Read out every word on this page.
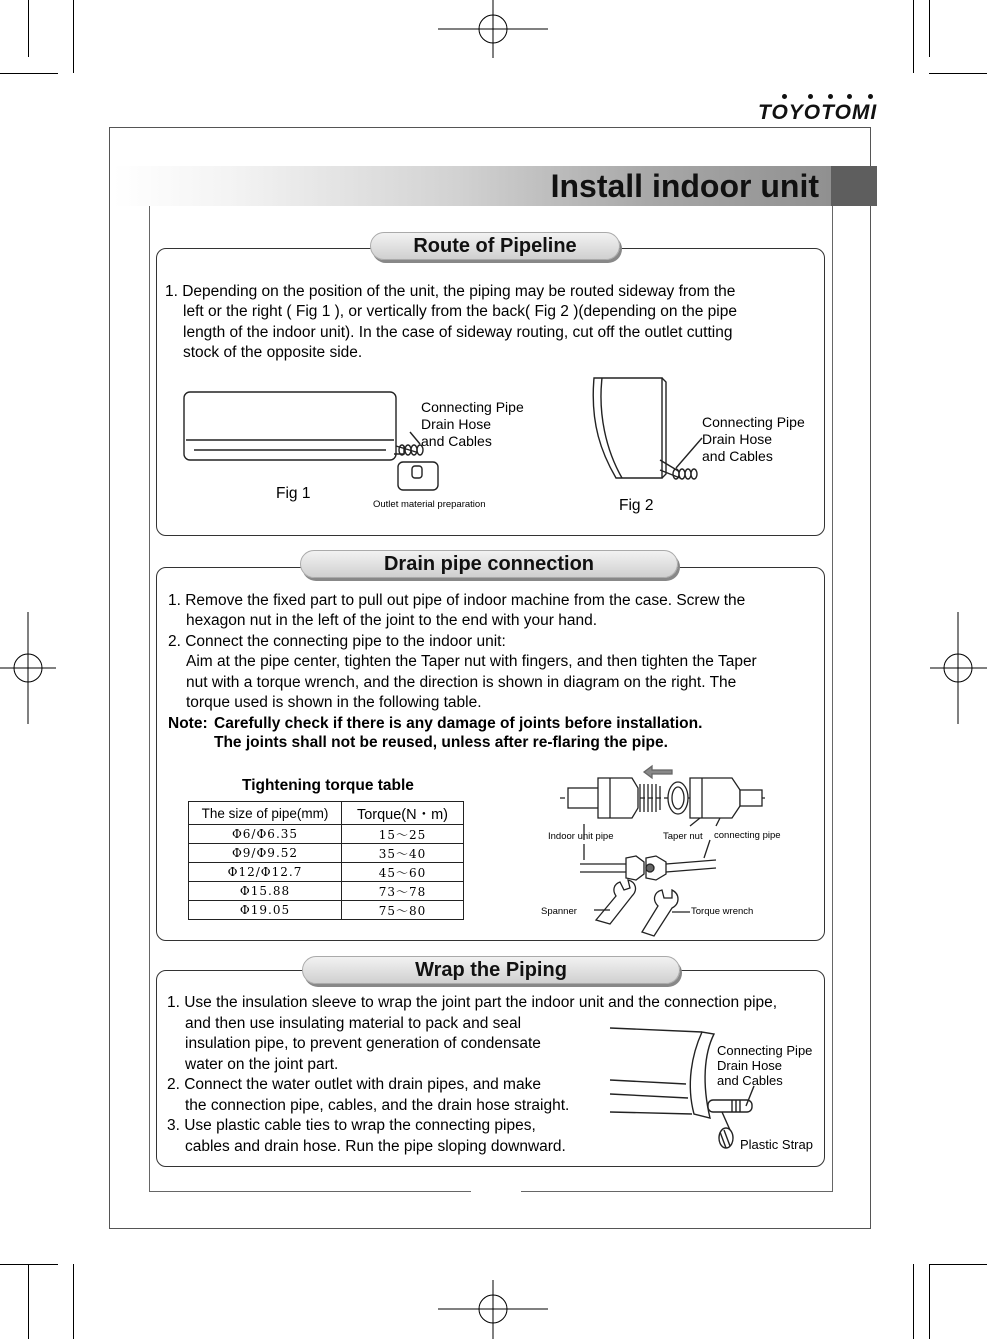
TOYOTOMI
Install indoor unit
Route of Pipeline
1. Depending on the position of the unit, the piping may be routed sideway from the
left or the right ( Fig 1 ), or vertically from the back( Fig 2 )(depending on the pipe
length of the indoor unit). In the case of sideway routing, cut off the outlet cutting
stock of the opposite side.
Connecting Pipe
Drain Hose
and Cables
Fig 1
Outlet material preparation
Connecting Pipe
Drain Hose
and Cables
Fig 2
Drain pipe connection
1. Remove the fixed part to pull out pipe of indoor machine from the case. Screw the
hexagon nut in the left of the joint to the end with your hand.
2. Connect the connecting pipe to the indoor unit:
Aim at the pipe center, tighten the Taper nut with fingers, and then tighten the Taper
nut with a torque wrench, and the direction is shown in diagram on the right. The
torque used is shown in the following table.
Note: Carefully check if there is any damage of joints before installation.
The joints shall not be reused, unless after re-flaring the pipe.
Tightening torque table
The size of pipe(mm)	Torque(N・m)
Φ6/Φ6.35	15～25
Φ9/Φ9.52	35～40
Φ12/Φ12.7	45～60
Φ15.88	73～78
Φ19.05	75～80
Indoor unit pipe	Taper nut connecting pipe
Spanner	Torque wrench
Wrap the Piping
1. Use the insulation sleeve to wrap the joint part the indoor unit and the connection pipe,
and then use insulating material to pack and seal
insulation pipe, to prevent generation of condensate
water on the joint part.
2. Connect the water outlet with drain pipes, and make
the connection pipe, cables, and the drain hose straight.
3. Use plastic cable ties to wrap the connecting pipes,
cables and drain hose. Run the pipe sloping downward.
Connecting Pipe
Drain Hose
and Cables
Plastic Strap
